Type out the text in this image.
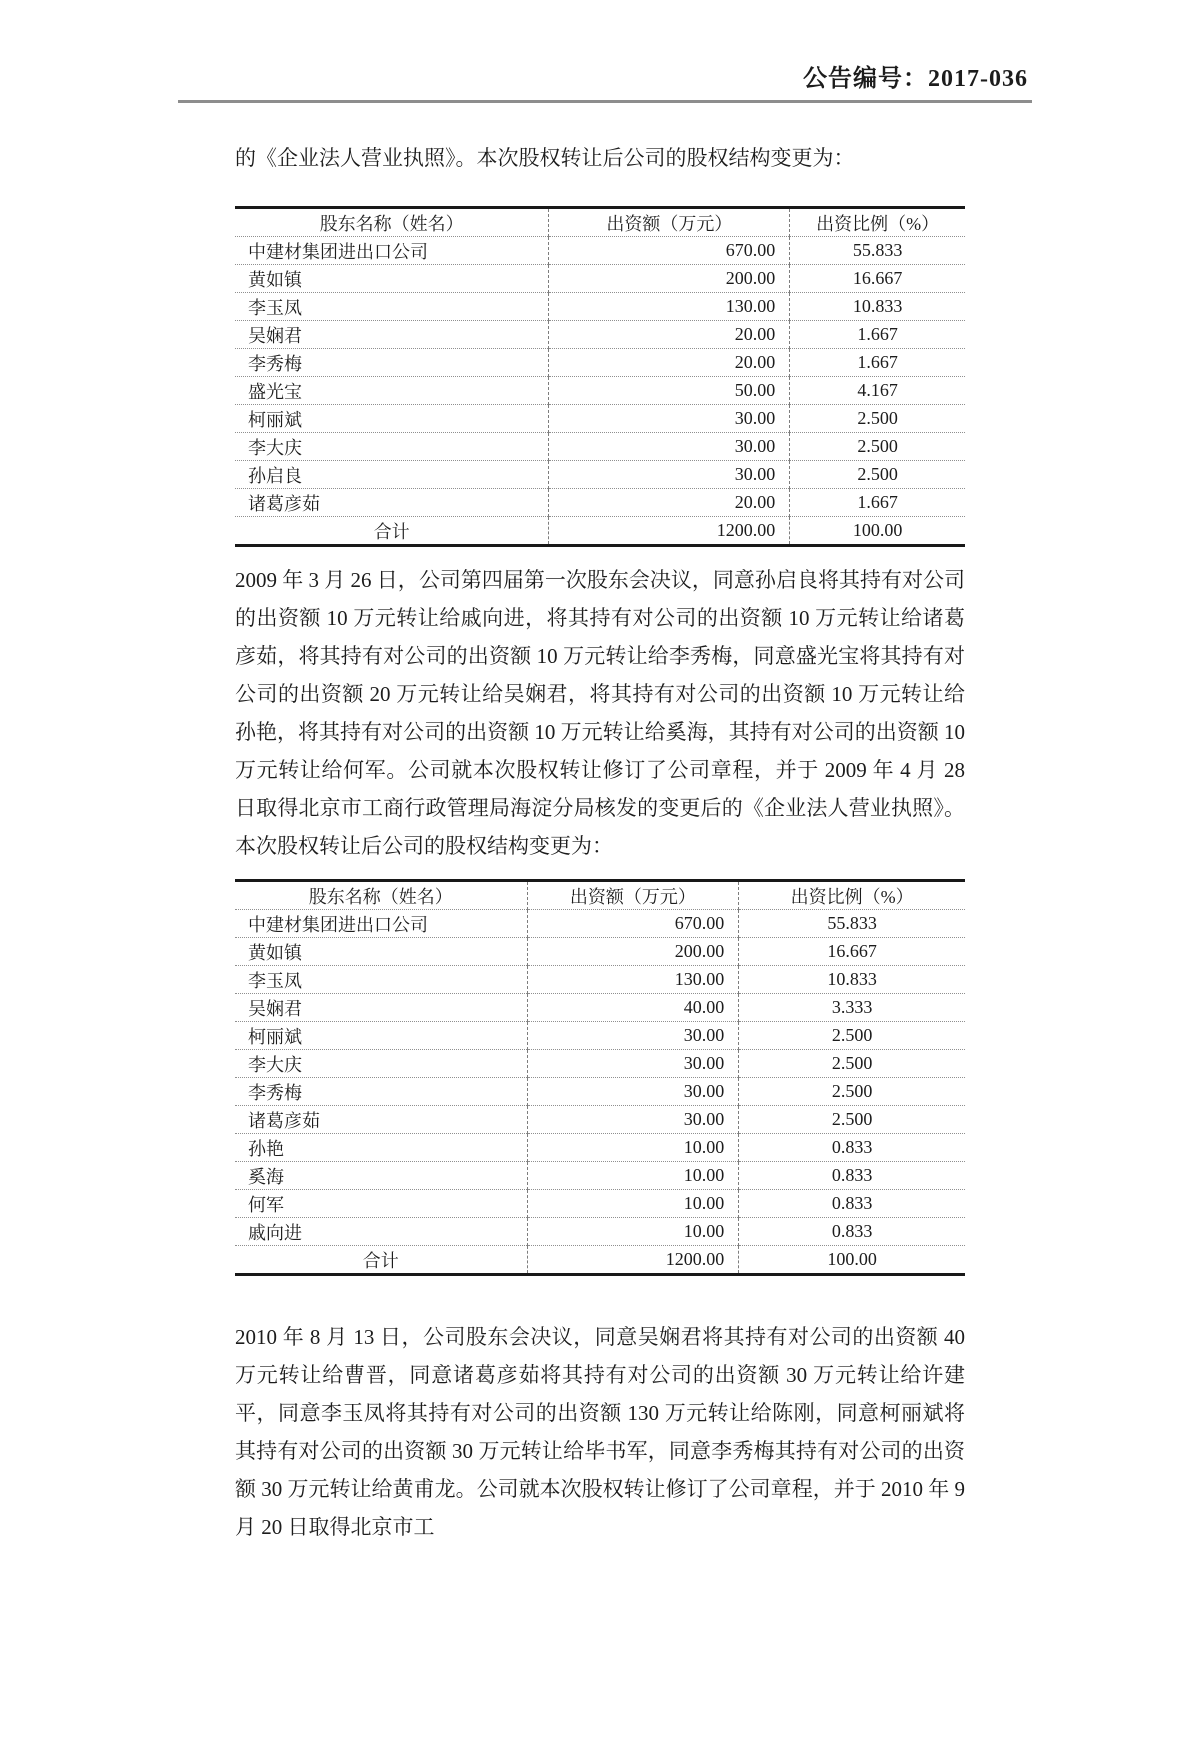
公告编号：2017-036

的《企业法人营业执照》。本次股权转让后公司的股权结构变更为：

股东名称（姓名）	出资额（万元）	出资比例（%）
中建材集团进出口公司	670.00	55.833
黄如镇	200.00	16.667
李玉凤	130.00	10.833
吴娴君	20.00	1.667
李秀梅	20.00	1.667
盛光宝	50.00	4.167
柯丽斌	30.00	2.500
李大庆	30.00	2.500
孙启良	30.00	2.500
诸葛彦茹	20.00	1.667
合计	1200.00	100.00

2009 年 3 月 26 日，公司第四届第一次股东会决议，同意孙启良将其持有对公司的出资额 10 万元转让给戚向进，将其持有对公司的出资额 10 万元转让给诸葛彦茹，将其持有对公司的出资额 10 万元转让给李秀梅，同意盛光宝将其持有对公司的出资额 20 万元转让给吴娴君，将其持有对公司的出资额 10 万元转让给孙艳，将其持有对公司的出资额 10 万元转让给奚海，其持有对公司的出资额 10 万元转让给何军。公司就本次股权转让修订了公司章程，并于 2009 年 4 月 28 日取得北京市工商行政管理局海淀分局核发的变更后的《企业法人营业执照》。本次股权转让后公司的股权结构变更为：

股东名称（姓名）	出资额（万元）	出资比例（%）
中建材集团进出口公司	670.00	55.833
黄如镇	200.00	16.667
李玉凤	130.00	10.833
吴娴君	40.00	3.333
柯丽斌	30.00	2.500
李大庆	30.00	2.500
李秀梅	30.00	2.500
诸葛彦茹	30.00	2.500
孙艳	10.00	0.833
奚海	10.00	0.833
何军	10.00	0.833
戚向进	10.00	0.833
合计	1200.00	100.00

2010 年 8 月 13 日，公司股东会决议，同意吴娴君将其持有对公司的出资额 40 万元转让给曹晋，同意诸葛彦茹将其持有对公司的出资额 30 万元转让给许建平，同意李玉凤将其持有对公司的出资额 130 万元转让给陈刚，同意柯丽斌将其持有对公司的出资额 30 万元转让给毕书军，同意李秀梅其持有对公司的出资额 30 万元转让给黄甫龙。公司就本次股权转让修订了公司章程，并于 2010 年 9 月 20 日取得北京市工
